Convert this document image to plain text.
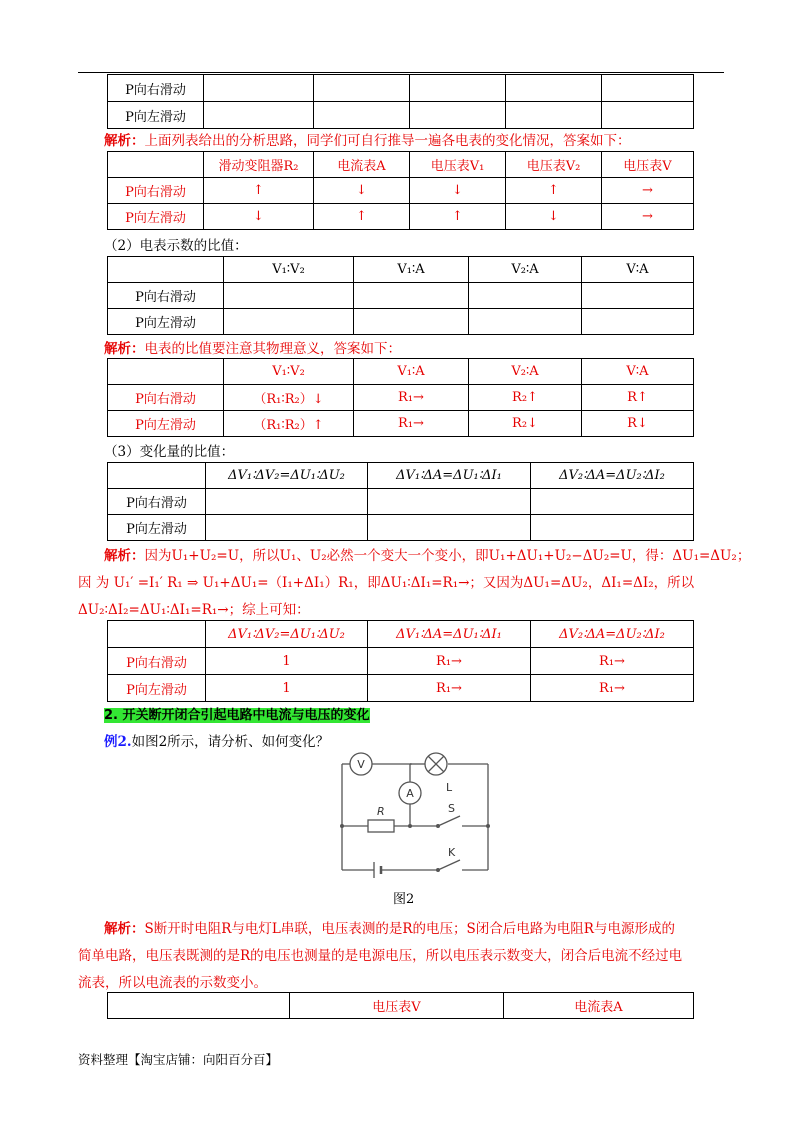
P向右滑动					
P向左滑动					
解析：上面列表给出的分析思路，同学们可自行推导一遍各电表的变化情况，答案如下：
	滑动变阻器R₂	电流表A	电压表V₁	电压表V₂	电压表V
P向右滑动	↑	↓	↓	↑	→
P向左滑动	↓	↑	↑	↓	→
（2）电表示数的比值：
	V₁∶V₂	V₁∶A	V₂∶A	V∶A
P向右滑动				
P向左滑动				
解析：电表的比值要注意其物理意义，答案如下：
	V₁∶V₂	V₁∶A	V₂∶A	V∶A
P向右滑动	（R₁∶R₂）↓	R₁→	R₂↑	R↑
P向左滑动	（R₁∶R₂）↑	R₁→	R₂↓	R↓
（3）变化量的比值：
	ΔV₁∶ΔV₂=ΔU₁∶ΔU₂	ΔV₁∶ΔA=ΔU₁∶ΔI₁	ΔV₂∶ΔA=ΔU₂∶ΔI₂
P向右滑动			
P向左滑动			
解析：因为U₁+U₂=U，所以U₁、U₂必然一个变大一个变小，即U₁+ΔU₁+U₂−ΔU₂=U，得：ΔU₁=ΔU₂；
因 为 U₁′ =I₁′ R₁ ⇒ U₁+ΔU₁=（I₁+ΔI₁）R₁，即ΔU₁∶ΔI₁=R₁→；又因为ΔU₁=ΔU₂，ΔI₁=ΔI₂，所以
ΔU₂∶ΔI₂=ΔU₁∶ΔI₁=R₁→；综上可知：
	ΔV₁∶ΔV₂=ΔU₁∶ΔU₂	ΔV₁∶ΔA=ΔU₁∶ΔI₁	ΔV₂∶ΔA=ΔU₂∶ΔI₂
P向右滑动	1	R₁→	R₁→
P向左滑动	1	R₁→	R₁→
2. 开关断开闭合引起电路中电流与电压的变化
例2.如图2所示，请分析、如何变化？
V
L
A
R	S
K
图2
解析：S断开时电阻R与电灯L串联，电压表测的是R的电压；S闭合后电路为电阻R与电源形成的
简单电路，电压表既测的是R的电压也测量的是电源电压，所以电压表示数变大，闭合后电流不经过电
流表，所以电流表的示数变小。
	电压表V	电流表A
资料整理【淘宝店铺：向阳百分百】
